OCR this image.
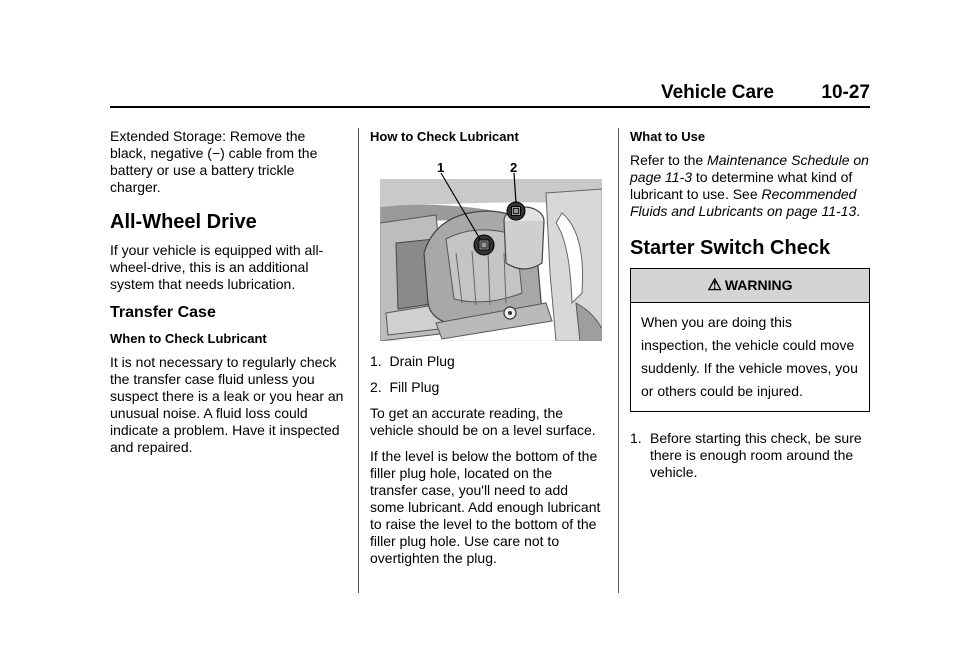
Vehicle Care 10-27

Extended Storage: Remove the black, negative (−) cable from the battery or use a battery trickle charger.

All-Wheel Drive

If your vehicle is equipped with all-wheel-drive, this is an additional system that needs lubrication.

Transfer Case
When to Check Lubricant

It is not necessary to regularly check the transfer case fluid unless you suspect there is a leak or you hear an unusual noise. A fluid loss could indicate a problem. Have it inspected and repaired.

How to Check Lubricant
1	2

1. Drain Plug

2. Fill Plug

To get an accurate reading, the vehicle should be on a level surface.

If the level is below the bottom of the filler plug hole, located on the transfer case, you'll need to add some lubricant. Add enough lubricant to raise the level to the bottom of the filler plug hole. Use care not to overtighten the plug.

What to Use

Refer to the Maintenance Schedule on page 11‑3 to determine what kind of lubricant to use. See Recommended Fluids and Lubricants on page 11‑13.

Starter Switch Check
⚠ WARNING
When you are doing this inspection, the vehicle could move suddenly. If the vehicle moves, you or others could be injured.
1. Before starting this check, be sure there is enough room around the vehicle.
